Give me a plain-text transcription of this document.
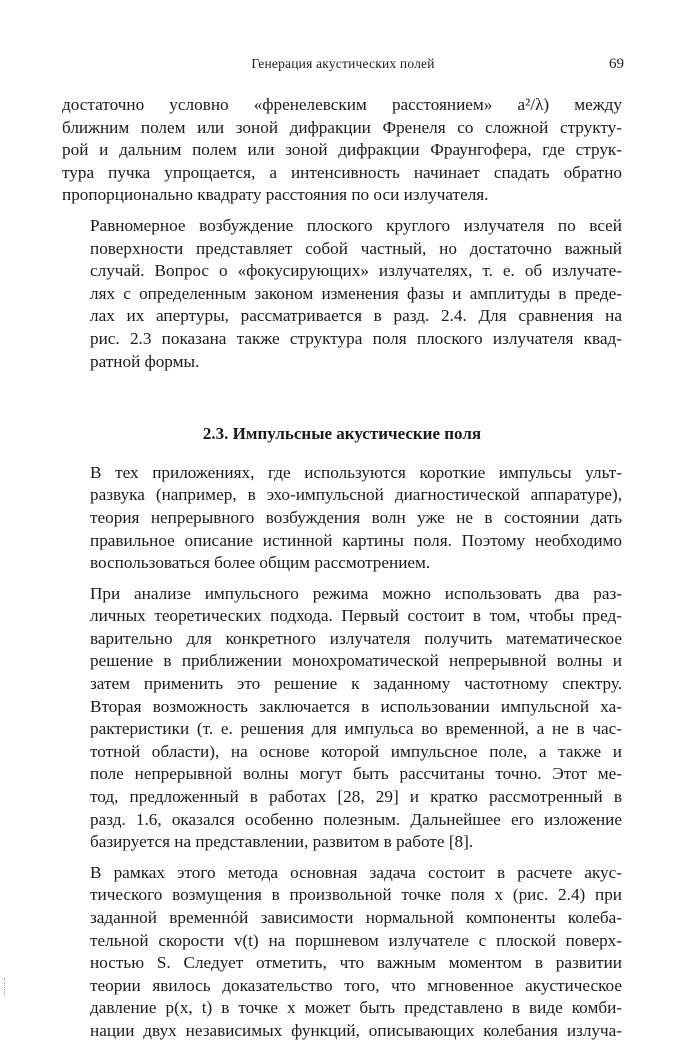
Генерация акустических полей	69

достаточно условно «френелевским расстоянием» a²/λ) между
ближним полем или зоной дифракции Френеля со сложной структу-
рой и дальним полем или зоной дифракции Фраунгофера, где струк-
тура пучка упрощается, а интенсивность начинает спадать обратно
пропорционально квадрату расстояния по оси излучателя.

Равномерное возбуждение плоского круглого излучателя по всей
поверхности представляет собой частный, но достаточно важный
случай. Вопрос о «фокусирующих» излучателях, т. е. об излучате-
лях с определенным законом изменения фазы и амплитуды в преде-
лах их апертуры, рассматривается в разд. 2.4. Для сравнения на
рис. 2.3 показана также структура поля плоского излучателя квад-
ратной формы.

2.3. Импульсные акустические поля

В тех приложениях, где используются короткие импульсы ульт-
развука (например, в эхо-импульсной диагностической аппаратуре),
теория непрерывного возбуждения волн уже не в состоянии дать
правильное описание истинной картины поля. Поэтому необходимо
воспользоваться более общим рассмотрением.

При анализе импульсного режима можно использовать два раз-
личных теоретических подхода. Первый состоит в том, чтобы пред-
варительно для конкретного излучателя получить математическое
решение в приближении монохроматической непрерывной волны и
затем применить это решение к заданному частотному спектру.
Вторая возможность заключается в использовании импульсной ха-
рактеристики (т. е. решения для импульса во временной, а не в час-
тотной области), на основе которой импульсное поле, а также и
поле непрерывной волны могут быть рассчитаны точно. Этот ме-
тод, предложенный в работах [28, 29] и кратко рассмотренный в
разд. 1.6, оказался особенно полезным. Дальнейшее его изложение
базируется на представлении, развитом в работе [8].

В рамках этого метода основная задача состоит в расчете акус-
тического возмущения в произвольной точке поля x (рис. 2.4) при
заданной временнóй зависимости нормальной компоненты колеба-
тельной скорости v(t) на поршневом излучателе с плоской поверх-
ностью S. Следует отметить, что важным моментом в развитии
теории явилось доказательство того, что мгновенное акустическое
давление p(x, t) в точке x может быть представлено в виде комби-
нации двух независимых функций, описывающих колебания излуча-
